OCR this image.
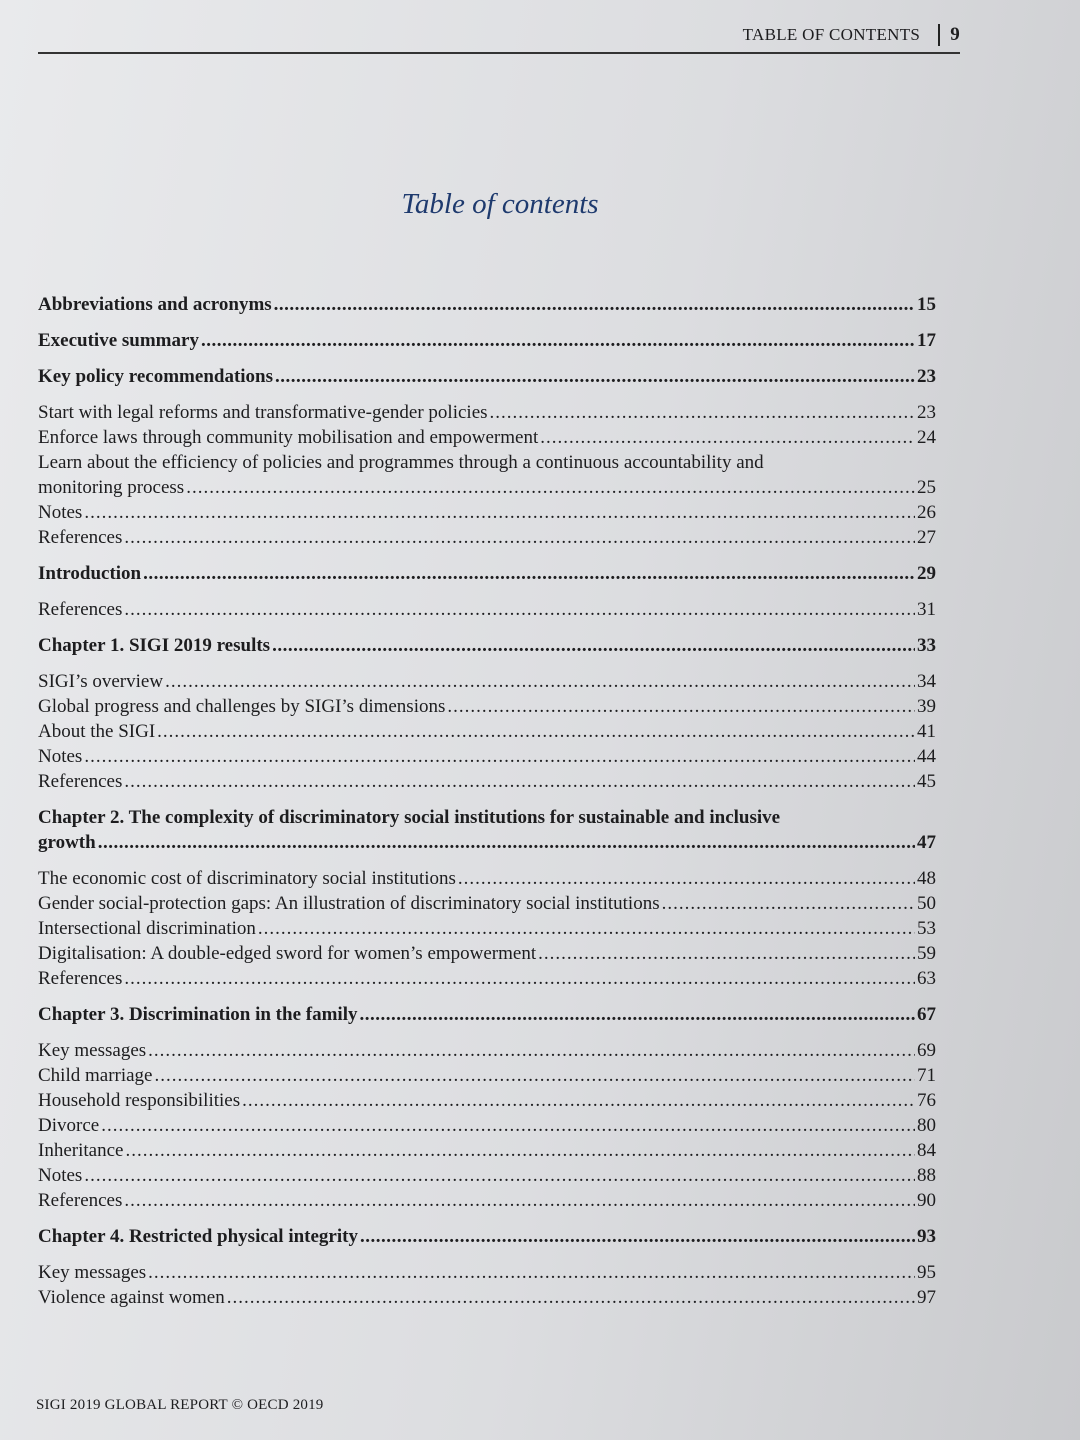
TABLE OF CONTENTS 9
Table of contents
Abbreviations and acronyms .....	15
Executive summary .....	17
Key policy recommendations .....	23
Start with legal reforms and transformative-gender policies .....	23
Enforce laws through community mobilisation and empowerment .....	24
Learn about the efficiency of policies and programmes through a continuous accountability and
monitoring process .....	25
Notes .....	26
References .....	27
Introduction .....	29
References .....	31
Chapter 1. SIGI 2019 results .....	33
SIGI’s overview .....	34
Global progress and challenges by SIGI’s dimensions .....	39
About the SIGI .....	41
Notes .....	44
References .....	45
Chapter 2. The complexity of discriminatory social institutions for sustainable and inclusive
growth .....	47
The economic cost of discriminatory social institutions .....	48
Gender social-protection gaps: An illustration of discriminatory social institutions .....	50
Intersectional discrimination .....	53
Digitalisation: A double-edged sword for women’s empowerment .....	59
References .....	63
Chapter 3. Discrimination in the family .....	67
Key messages .....	69
Child marriage .....	71
Household responsibilities .....	76
Divorce .....	80
Inheritance .....	84
Notes .....	88
References .....	90
Chapter 4. Restricted physical integrity .....	93
Key messages .....	95
Violence against women .....	97
SIGI 2019 GLOBAL REPORT © OECD 2019
